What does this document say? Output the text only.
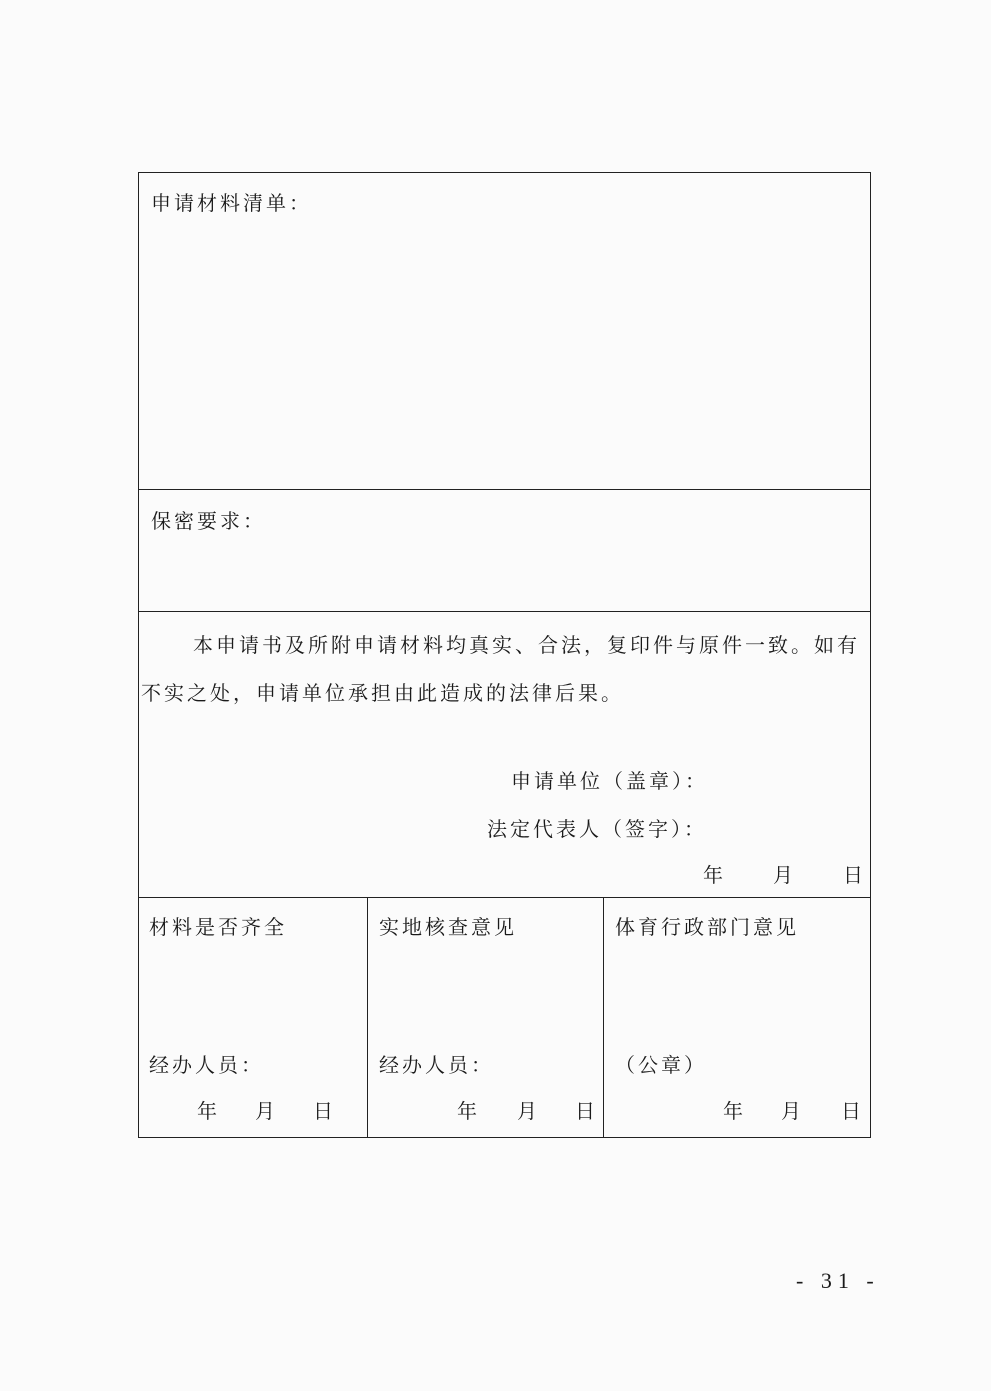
申请材料清单：
保密要求：
本申请书及所附申请材料均真实、合法，复印件与原件一致。如有
不实之处，申请单位承担由此造成的法律后果。
申请单位（盖章）：
法定代表人（签字）：
年 月 日
材料是否齐全
经办人员：
年 月 日
实地核查意见
经办人员：
年 月 日
体育行政部门意见
（公章）
年 月 日
- 31 -
